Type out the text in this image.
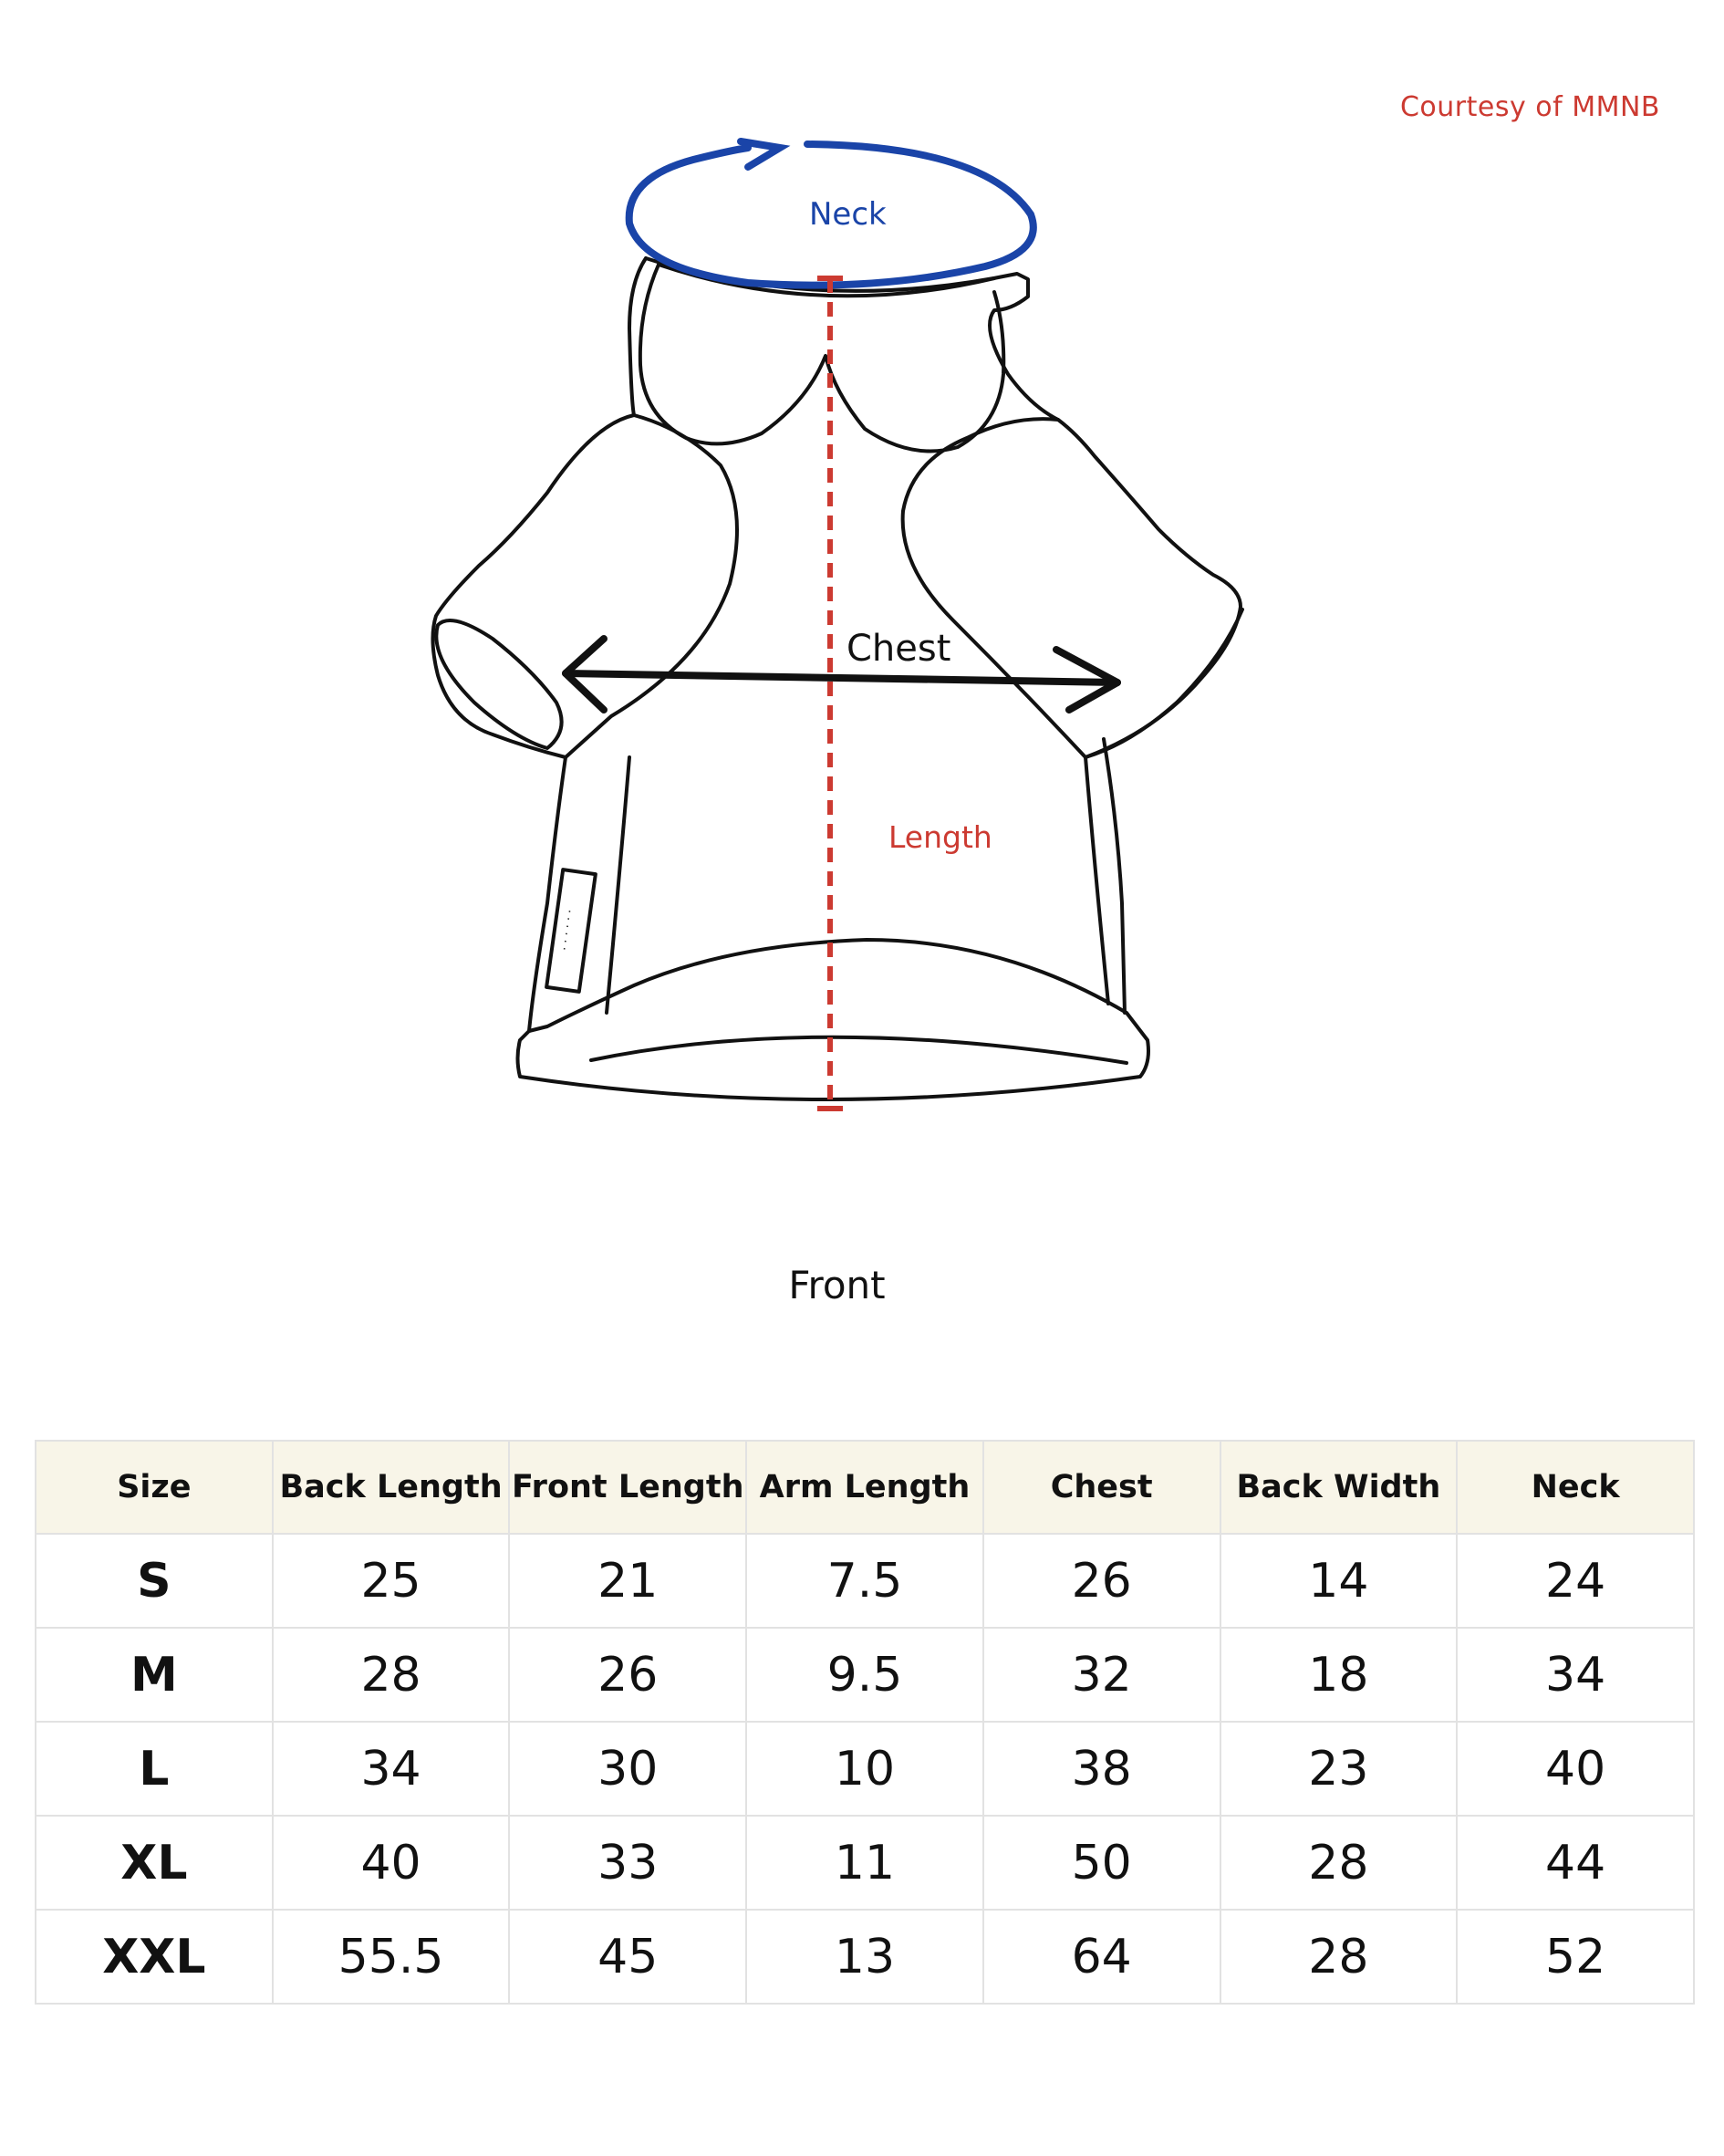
Courtesy of MMNB
· · · · · ·
Neck
Chest
Length
Front
Size	Back Length	Front Length	Arm Length	Chest	Back Width	Neck
S	25	21	7.5	26	14	24
M	28	26	9.5	32	18	34
L	34	30	10	38	23	40
XL	40	33	11	50	28	44
XXL	55.5	45	13	64	28	52
